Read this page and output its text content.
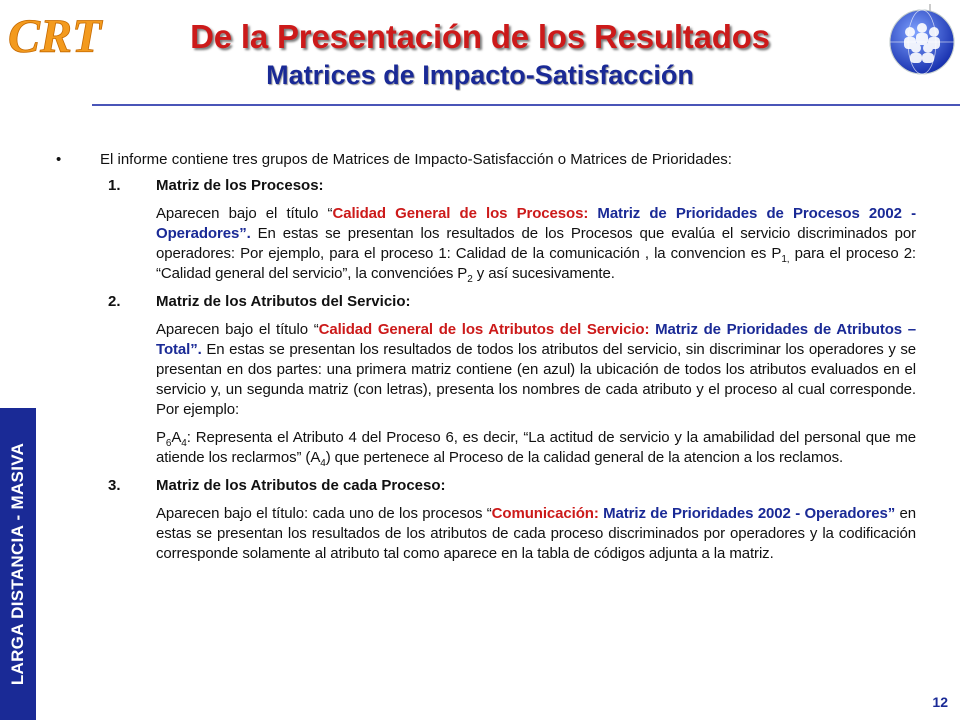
CRT	De la Presentación de los Resultados
Matrices de Impacto-Satisfacción
LARGA DISTANCIA - MASIVA
12
•	El informe contiene tres grupos de Matrices de Impacto-Satisfacción o Matrices de Prioridades:
1. Matriz de los Procesos:
Aparecen bajo el título “Calidad General de los Procesos: Matriz de Prioridades de Procesos 2002 - Operadores”. En estas se presentan los resultados de los Procesos que evalúa el servicio discriminados por operadores: Por ejemplo, para el proceso 1: Calidad de la comunicación , la convencion es $P_{1,}$ para el proceso 2: “Calidad general del servicio”, la convencióes $P_2$ y así sucesivamente.
2. Matriz de los Atributos del Servicio:
Aparecen bajo el título “Calidad General de los Atributos del Servicio: Matriz de Prioridades de Atributos – Total”. En estas se presentan los resultados de todos los atributos del servicio, sin discriminar los operadores y se presentan en dos partes: una primera matriz contiene (en azul) la ubicación de todos los atributos evaluados en el servicio y, un segunda matriz (con letras), presenta los nombres de cada atributo y el proceso al cual corresponde. Por ejemplo:
$P_6A_4$: Representa el Atributo 4 del Proceso 6, es decir, “La actitud de servicio y la amabilidad del personal que me atiende los reclarmos” $(A_4)$ que pertenece al Proceso de la calidad general de la atencion a los reclamos.
3. Matriz de los Atributos de cada Proceso:
Aparecen bajo el título: cada uno de los procesos “Comunicación: Matriz de Prioridades 2002 - Operadores” en estas se presentan los resultados de los atributos de cada proceso discriminados por operadores y la codificación corresponde solamente al atributo tal como aparece en la tabla de códigos adjunta a la matriz.
